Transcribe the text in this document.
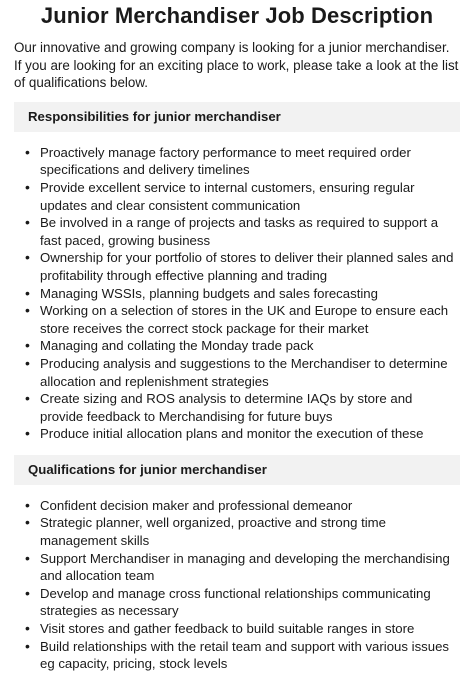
Junior Merchandiser Job Description

Our innovative and growing company is looking for a junior merchandiser. If you are looking for an exciting place to work, please take a look at the list of qualifications below.

Responsibilities for junior merchandiser
• Proactively manage factory performance to meet required order specifications and delivery timelines
• Provide excellent service to internal customers, ensuring regular updates and clear consistent communication
• Be involved in a range of projects and tasks as required to support a fast paced, growing business
• Ownership for your portfolio of stores to deliver their planned sales and profitability through effective planning and trading
• Managing WSSIs, planning budgets and sales forecasting
• Working on a selection of stores in the UK and Europe to ensure each store receives the correct stock package for their market
• Managing and collating the Monday trade pack
• Producing analysis and suggestions to the Merchandiser to determine allocation and replenishment strategies
• Create sizing and ROS analysis to determine IAQs by store and provide feedback to Merchandising for future buys
• Produce initial allocation plans and monitor the execution of these
Qualifications for junior merchandiser
• Confident decision maker and professional demeanor
• Strategic planner, well organized, proactive and strong time management skills
• Support Merchandiser in managing and developing the merchandising and allocation team
• Develop and manage cross functional relationships communicating strategies as necessary
• Visit stores and gather feedback to build suitable ranges in store
• Build relationships with the retail team and support with various issues eg capacity, pricing, stock levels
